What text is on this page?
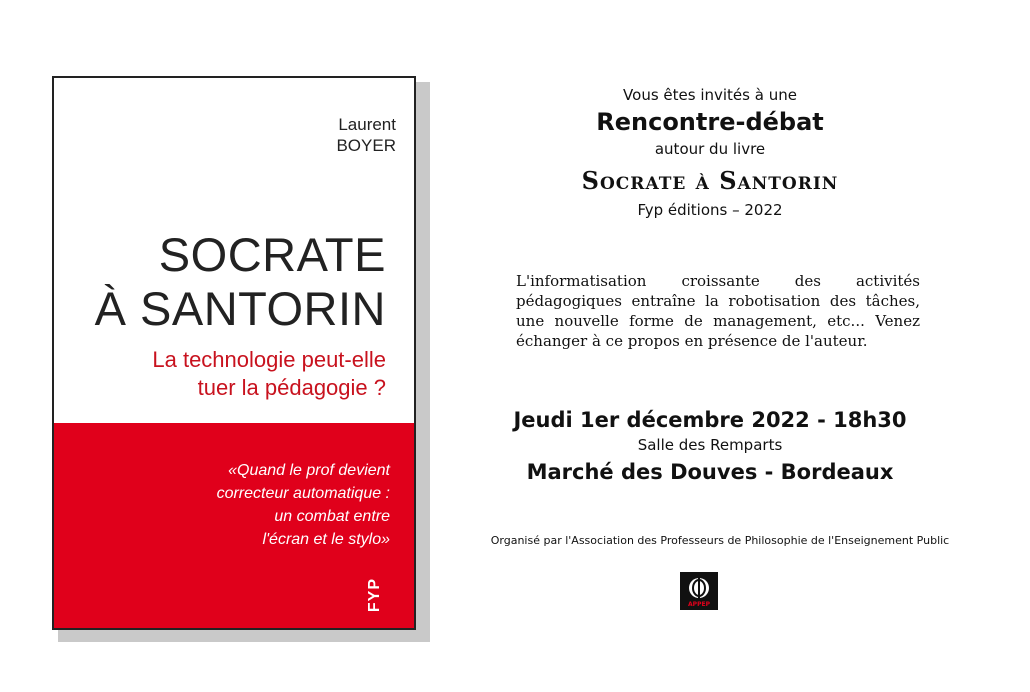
Laurent
BOYER
SOCRATE
À SANTORIN
La technologie peut-elle
tuer la pédagogie ?
«Quand le prof devient
correcteur automatique :
un combat entre
l'écran et le stylo»
FYP

Vous êtes invités à une

Rencontre-débat

autour du livre

Socrate à Santorin

Fyp éditions – 2022

L'informatisation croissante des activités pédagogiques entraîne la robotisation des tâches, une nouvelle forme de management, etc... Venez échanger à ce propos en présence de l'auteur.

Jeudi 1er décembre 2022 - 18h30

Salle des Remparts

Marché des Douves - Bordeaux

Organisé par l'Association des Professeurs de Philosophie de l'Enseignement Public
APPEP
